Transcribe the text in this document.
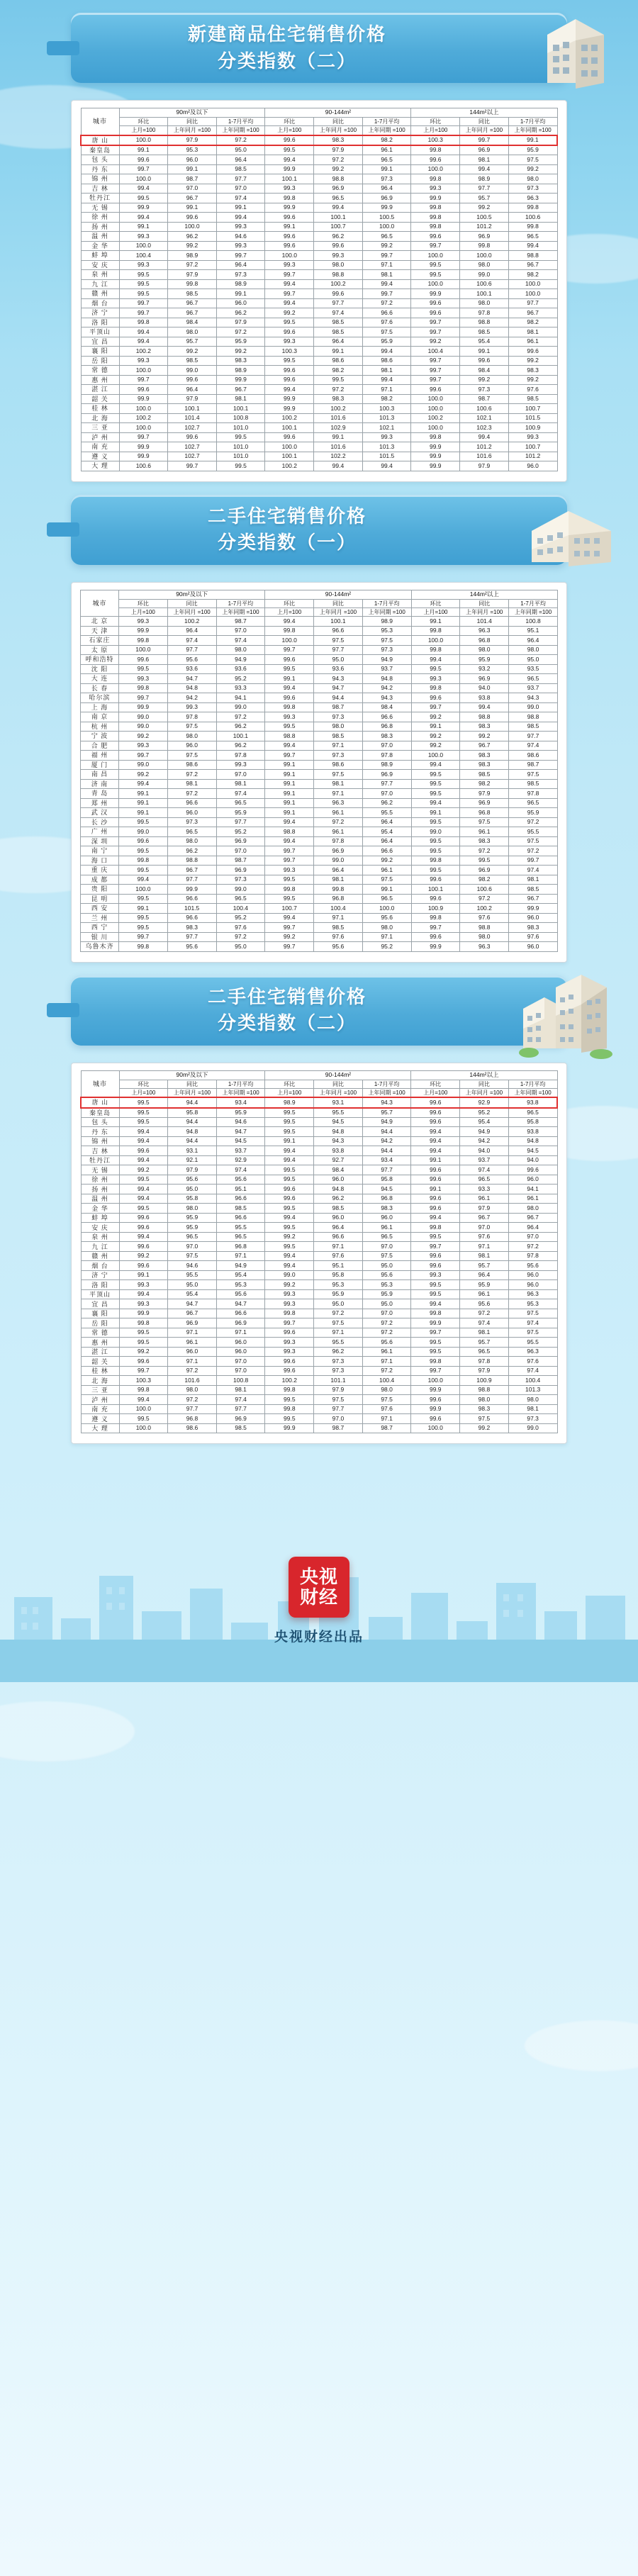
新建商品住宅销售价格
分类指数（二）
城市	90m²及以下			90-144m²			144m²以上		
	环比	同比	1-7月平均	环比	同比	1-7月平均	环比	同比	1-7月平均
	上月=100	上年同月 =100	上年同期 =100	上月=100	上年同月 =100	上年同期 =100	上月=100	上年同月 =100	上年同期 =100
唐 山	100.0	97.9	97.2	99.6	98.3	98.2	100.3	99.7	99.1
秦皇岛	99.1	95.3	95.0	99.5	97.9	96.1	99.8	96.9	95.9
包 头	99.6	96.0	96.4	99.4	97.2	96.5	99.6	98.1	97.5
丹 东	99.7	99.1	98.5	99.9	99.2	99.1	100.0	99.4	99.2
锦 州	100.0	98.7	97.7	100.1	98.8	97.3	99.8	98.9	98.0
吉 林	99.4	97.0	97.0	99.3	96.9	96.4	99.3	97.7	97.3
牡丹江	99.5	96.7	97.4	99.8	96.5	96.9	99.9	95.7	96.3
无 锡	99.9	99.1	99.1	99.9	99.4	99.9	99.8	99.2	99.8
徐 州	99.4	99.6	99.4	99.6	100.1	100.5	99.8	100.5	100.6
扬 州	99.1	100.0	99.3	99.1	100.7	100.0	99.8	101.2	99.8
温 州	99.3	96.2	94.6	99.6	96.2	96.5	99.6	96.9	96.5
金 华	100.0	99.2	99.3	99.6	99.6	99.2	99.7	99.8	99.4
蚌 埠	100.4	98.9	99.7	100.0	99.3	99.7	100.0	100.0	98.8
安 庆	99.3	97.2	96.4	99.3	98.0	97.1	99.5	98.0	96.7
泉 州	99.5	97.9	97.3	99.7	98.8	98.1	99.5	99.0	98.2
九 江	99.5	99.8	98.9	99.4	100.2	99.4	100.0	100.6	100.0
赣 州	99.5	98.5	99.1	99.7	99.6	99.7	99.9	100.1	100.0
烟 台	99.7	96.7	96.0	99.4	97.7	97.2	99.6	98.0	97.7
济 宁	99.7	96.7	96.2	99.2	97.4	96.6	99.6	97.8	96.7
洛 阳	99.8	98.4	97.9	99.5	98.5	97.6	99.7	98.8	98.2
平顶山	99.4	98.0	97.2	99.6	98.5	97.5	99.7	98.5	98.1
宜 昌	99.4	95.7	95.9	99.3	96.4	95.9	99.2	95.4	96.1
襄 阳	100.2	99.2	99.2	100.3	99.1	99.4	100.4	99.1	99.6
岳 阳	99.3	98.5	98.3	99.5	98.6	98.6	99.7	99.6	99.2
常 德	100.0	99.0	98.9	99.6	98.2	98.1	99.7	98.4	98.3
惠 州	99.7	99.6	99.9	99.6	99.5	99.4	99.7	99.2	99.2
湛 江	99.6	96.4	96.7	99.4	97.2	97.1	99.6	97.3	97.6
韶 关	99.9	97.9	98.1	99.9	98.3	98.2	100.0	98.7	98.5
桂 林	100.0	100.1	100.1	99.9	100.2	100.3	100.0	100.6	100.7
北 海	100.2	101.4	100.8	100.2	101.6	101.3	100.2	102.1	101.5
三 亚	100.0	102.7	101.0	100.1	102.9	102.1	100.0	102.3	100.9
泸 州	99.7	99.6	99.5	99.6	99.1	99.3	99.8	99.4	99.3
南 充	99.9	102.7	101.0	100.0	101.6	101.3	99.9	101.2	100.7
遵 义	99.9	102.7	101.0	100.1	102.2	101.5	99.9	101.6	101.2
大 理	100.6	99.7	99.5	100.2	99.4	99.4	99.9	97.9	96.0
二手住宅销售价格
分类指数（一）
城市	90m²及以下			90-144m²			144m²以上		
	环比	同比	1-7月平均	环比	同比	1-7月平均	环比	同比	1-7月平均
	上月=100	上年同月 =100	上年同期 =100	上月=100	上年同月 =100	上年同期 =100	上月=100	上年同月 =100	上年同期 =100
北 京	99.3	100.2	98.7	99.4	100.1	98.9	99.1	101.4	100.8
天 津	99.9	96.4	97.0	99.8	96.6	95.3	99.8	96.3	95.1
石家庄	99.8	97.4	97.4	100.0	97.5	97.5	100.0	96.8	96.4
太 原	100.0	97.7	98.0	99.7	97.7	97.3	99.8	98.0	98.0
呼和浩特	99.6	95.6	94.9	99.6	95.0	94.9	99.4	95.9	95.0
沈 阳	99.5	93.6	93.6	99.5	93.6	93.7	99.5	93.2	93.5
大 连	99.3	94.7	95.2	99.1	94.3	94.8	99.3	96.9	96.5
长 春	99.8	94.8	93.3	99.4	94.7	94.2	99.8	94.0	93.7
哈尔滨	99.7	94.2	94.1	99.6	94.4	94.3	99.6	93.8	94.3
上 海	99.9	99.3	99.0	99.8	98.7	98.4	99.7	99.4	99.0
南 京	99.0	97.8	97.2	99.3	97.3	96.6	99.2	98.8	98.8
杭 州	99.0	97.5	96.2	99.5	98.0	96.8	99.1	98.3	98.5
宁 波	99.2	98.0	100.1	98.8	98.5	98.3	99.2	99.2	97.7
合 肥	99.3	96.0	96.2	99.4	97.1	97.0	99.2	96.7	97.4
福 州	99.7	97.5	97.8	99.7	97.3	97.8	100.0	98.3	98.6
厦 门	99.0	98.6	99.3	99.1	98.6	98.9	99.4	98.3	98.7
南 昌	99.2	97.2	97.0	99.1	97.5	96.9	99.5	98.5	97.5
济 南	99.4	98.1	98.1	99.1	98.1	97.7	99.5	98.2	98.5
青 岛	99.1	97.2	97.4	99.1	97.1	97.0	99.5	97.9	97.8
郑 州	99.1	96.6	96.5	99.1	96.3	96.2	99.4	96.9	96.5
武 汉	99.1	96.0	95.9	99.1	96.1	95.5	99.1	96.8	95.9
长 沙	99.5	97.3	97.7	99.4	97.2	96.4	99.5	97.5	97.2
广 州	99.0	96.5	95.2	98.8	96.1	95.4	99.0	96.1	95.5
深 圳	99.6	98.0	96.9	99.4	97.8	96.4	99.5	98.3	97.5
南 宁	99.5	96.2	97.0	99.7	96.9	96.6	99.5	97.2	97.2
海 口	99.8	98.8	98.7	99.7	99.0	99.2	99.8	99.5	99.7
重 庆	99.5	96.7	96.9	99.3	96.4	96.1	99.5	96.9	97.4
成 都	99.4	97.7	97.3	99.5	98.1	97.5	99.6	98.2	98.1
贵 阳	100.0	99.9	99.0	99.8	99.8	99.1	100.1	100.6	98.5
昆 明	99.5	96.6	96.5	99.5	96.8	96.5	99.6	97.2	96.7
西 安	99.1	101.5	100.4	100.7	100.4	100.0	100.9	100.2	99.9
兰 州	99.5	96.6	95.2	99.4	97.1	95.6	99.8	97.6	96.0
西 宁	99.5	98.3	97.6	99.7	98.5	98.0	99.7	98.8	98.3
银 川	99.7	97.7	97.2	99.2	97.6	97.1	99.6	98.0	97.6
乌鲁木齐	99.8	95.6	95.0	99.7	95.6	95.2	99.9	96.3	96.0
二手住宅销售价格
分类指数（二）
城市	90m²及以下			90-144m²			144m²以上		
	环比	同比	1-7月平均	环比	同比	1-7月平均	环比	同比	1-7月平均
	上月=100	上年同月 =100	上年同期 =100	上月=100	上年同月 =100	上年同期 =100	上月=100	上年同月 =100	上年同期 =100
唐 山	99.5	94.4	93.4	98.9	93.1	94.3	99.6	92.9	93.8
秦皇岛	99.5	95.8	95.9	99.5	95.5	95.7	99.6	95.2	96.5
包 头	99.5	94.4	94.6	99.5	94.5	94.9	99.6	95.4	95.8
丹 东	99.4	94.8	94.7	99.5	94.8	94.4	99.4	94.9	93.8
锦 州	99.4	94.4	94.5	99.1	94.3	94.2	99.4	94.2	94.8
吉 林	99.6	93.1	93.7	99.4	93.8	94.4	99.4	94.0	94.5
牡丹江	99.4	92.1	92.9	99.4	92.7	93.4	99.1	93.7	94.0
无 锡	99.2	97.9	97.4	99.5	98.4	97.7	99.6	97.4	99.6
徐 州	99.5	95.6	95.6	99.5	96.0	95.8	99.6	96.5	96.0
扬 州	99.4	95.0	95.1	99.6	94.8	94.5	99.1	93.3	94.1
温 州	99.4	95.8	96.6	99.6	96.2	96.8	99.6	96.1	96.1
金 华	99.5	98.0	98.5	99.5	98.5	98.3	99.6	97.9	98.0
蚌 埠	99.6	95.9	96.6	99.4	96.0	96.0	99.4	96.7	96.7
安 庆	99.6	95.9	95.5	99.5	96.4	96.1	99.8	97.0	96.4
泉 州	99.4	96.5	96.5	99.2	96.6	96.5	99.5	97.6	97.0
九 江	99.6	97.0	96.8	99.5	97.1	97.0	99.7	97.1	97.2
赣 州	99.2	97.5	97.1	99.4	97.6	97.5	99.6	98.1	97.8
烟 台	99.6	94.6	94.9	99.4	95.1	95.0	99.6	95.7	95.6
济 宁	99.1	95.5	95.4	99.0	95.8	95.6	99.3	96.4	96.0
洛 阳	99.3	95.0	95.3	99.2	95.3	95.3	99.5	95.9	96.0
平顶山	99.4	95.4	95.6	99.3	95.9	95.9	99.5	96.1	96.3
宜 昌	99.3	94.7	94.7	99.3	95.0	95.0	99.4	95.6	95.3
襄 阳	99.9	96.7	96.6	99.8	97.2	97.0	99.8	97.2	97.5
岳 阳	99.8	96.9	96.9	99.7	97.5	97.2	99.9	97.4	97.4
常 德	99.5	97.1	97.1	99.6	97.1	97.2	99.7	98.1	97.5
惠 州	99.5	96.1	96.0	99.3	95.5	95.6	99.5	95.7	95.5
湛 江	99.2	96.0	96.0	99.3	96.2	96.1	99.5	96.5	96.3
韶 关	99.6	97.1	97.0	99.6	97.3	97.1	99.8	97.8	97.6
桂 林	99.7	97.2	97.0	99.6	97.3	97.2	99.7	97.9	97.4
北 海	100.3	101.6	100.8	100.2	101.1	100.4	100.0	100.9	100.4
三 亚	99.8	98.0	98.1	99.8	97.9	98.0	99.9	98.8	101.3
泸 州	99.4	97.2	97.4	99.5	97.5	97.5	99.6	98.0	98.0
南 充	100.0	97.7	97.7	99.8	97.7	97.6	99.9	98.3	98.1
遵 义	99.5	96.8	96.9	99.5	97.0	97.1	99.6	97.5	97.3
大 理	100.0	98.6	98.5	99.9	98.7	98.7	100.0	99.2	99.0
央视
财经
央视财经出品
